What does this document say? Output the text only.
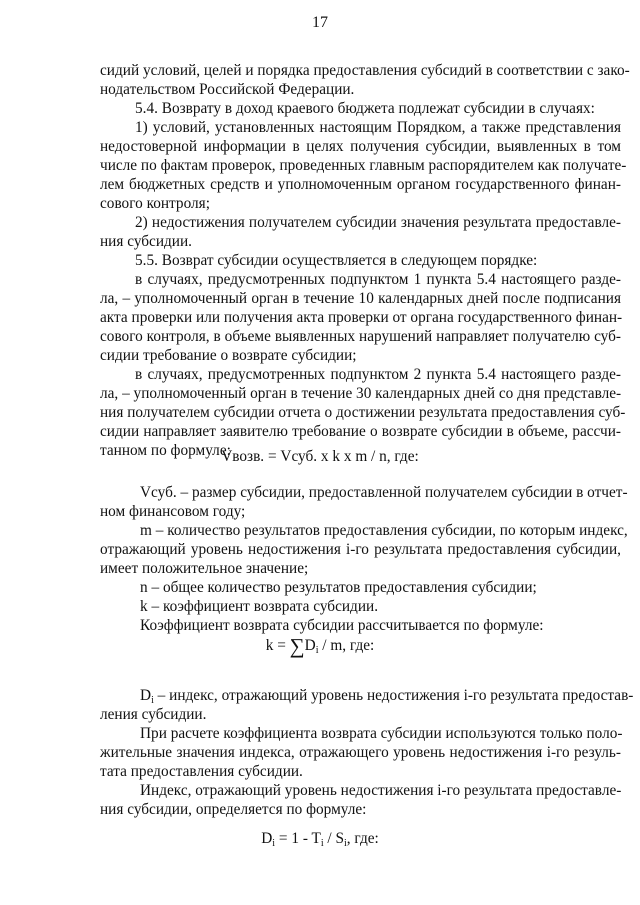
17
сидий условий, целей и порядка предоставления субсидий в соответствии с зако-
нодательством Российской Федерации.
5.4. Возврату в доход краевого бюджета подлежат субсидии в случаях:
1) условий, установленных настоящим Порядком, а также представления
недостоверной информации в целях получения субсидии, выявленных в том
числе по фактам проверок, проведенных главным распорядителем как получате-
лем бюджетных средств и уполномоченным органом государственного финан-
сового контроля;
2) недостижения получателем субсидии значения результата предоставле-
ния субсидии.
5.5. Возврат субсидии осуществляется в следующем порядке:
в случаях, предусмотренных подпунктом 1 пункта 5.4 настоящего разде-
ла, – уполномоченный орган в течение 10 календарных дней после подписания
акта проверки или получения акта проверки от органа государственного финан-
сового контроля, в объеме выявленных нарушений направляет получателю суб-
сидии требование о возврате субсидии;
в случаях, предусмотренных подпунктом 2 пункта 5.4 настоящего разде-
ла, – уполномоченный орган в течение 30 календарных дней со дня представле-
ния получателем субсидии отчета о достижении результата предоставления суб-
сидии направляет заявителю требование о возврате субсидии в объеме, рассчи-
танном по формуле:
Vвозв. = Vсуб. x k x m / n, где:
Vсуб. – размер субсидии, предоставленной получателем субсидии в отчет-
ном финансовом году;
m – количество результатов предоставления субсидии, по которым индекс,
отражающий уровень недостижения i-го результата предоставления субсидии,
имеет положительное значение;
n – общее количество результатов предоставления субсидии;
k – коэффициент возврата субсидии.
Коэффициент возврата субсидии рассчитывается по формуле:
$k = \sum D_i / m$, где:
$D_i$ – индекс, отражающий уровень недостижения i-го результата предостав-
ления субсидии.
При расчете коэффициента возврата субсидии используются только поло-
жительные значения индекса, отражающего уровень недостижения i-го резуль-
тата предоставления субсидии.
Индекс, отражающий уровень недостижения i-го результата предоставле-
ния субсидии, определяется по формуле:
$D_i = 1 - T_i / S_i$, где:
